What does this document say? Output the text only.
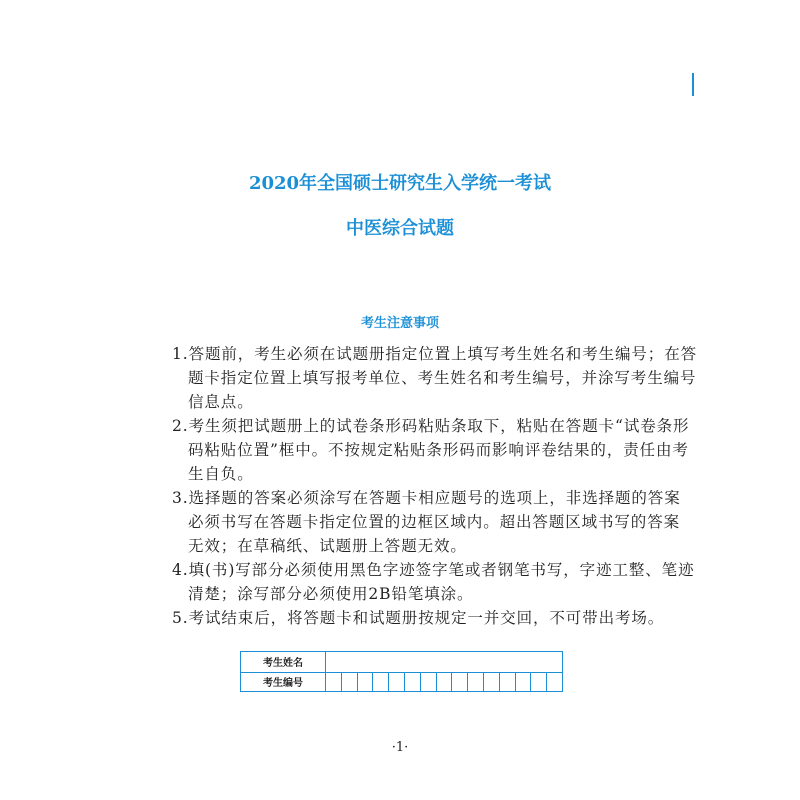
2020年全国硕士研究生入学统一考试
中医综合试题
考生注意事项
1.答题前，考生必须在试题册指定位置上填写考生姓名和考生编号；在答
题卡指定位置上填写报考单位、考生姓名和考生编号，并涂写考生编号
信息点。
2.考生须把试题册上的试卷条形码粘贴条取下，粘贴在答题卡“试卷条形
码粘贴位置”框中。不按规定粘贴条形码而影响评卷结果的，责任由考
生自负。
3.选择题的答案必须涂写在答题卡相应题号的选项上，非选择题的答案
必须书写在答题卡指定位置的边框区域内。超出答题区域书写的答案
无效；在草稿纸、试题册上答题无效。
4.填(书)写部分必须使用黑色字迹签字笔或者钢笔书写，字迹工整、笔迹
清楚；涂写部分必须使用2B铅笔填涂。
5.考试结束后，将答题卡和试题册按规定一并交回，不可带出考场。
考生姓名
考生编号
·1·
